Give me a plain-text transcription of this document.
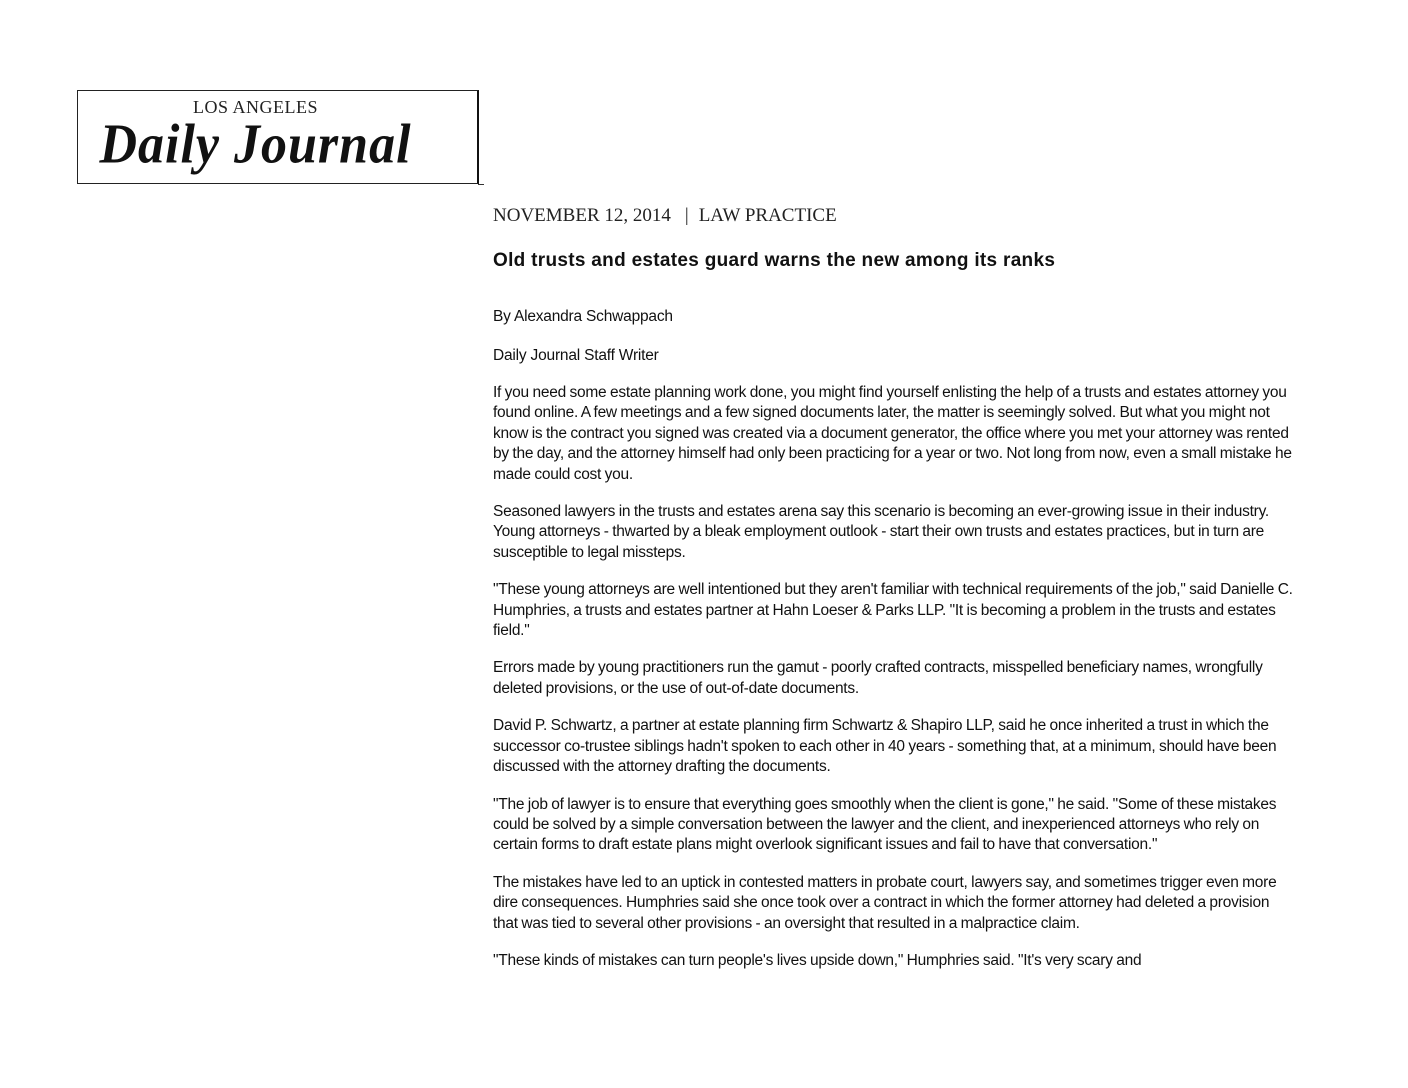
LOS ANGELES
Daily Journal
NOVEMBER 12, 2014 | LAW PRACTICE
Old trusts and estates guard warns the new among its ranks
By Alexandra Schwappach
Daily Journal Staff Writer

If you need some estate planning work done, you might find yourself enlisting the help of a trusts and estates attorney you found online. A few meetings and a few signed documents later, the matter is seemingly solved. But what you might not know is the contract you signed was created via a document generator, the office where you met your attorney was rented by the day, and the attorney himself had only been practicing for a year or two. Not long from now, even a small mistake he made could cost you.

Seasoned lawyers in the trusts and estates arena say this scenario is becoming an ever-growing issue in their industry. Young attorneys - thwarted by a bleak employment outlook - start their own trusts and estates practices, but in turn are susceptible to legal missteps.

"These young attorneys are well intentioned but they aren't familiar with technical requirements of the job," said Danielle C. Humphries, a trusts and estates partner at Hahn Loeser & Parks LLP. "It is becoming a problem in the trusts and estates field."

Errors made by young practitioners run the gamut - poorly crafted contracts, misspelled beneficiary names, wrongfully deleted provisions, or the use of out-of-date documents.

David P. Schwartz, a partner at estate planning firm Schwartz & Shapiro LLP, said he once inherited a trust in which the successor co-trustee siblings hadn't spoken to each other in 40 years - something that, at a minimum, should have been discussed with the attorney drafting the documents.

"The job of lawyer is to ensure that everything goes smoothly when the client is gone," he said. "Some of these mistakes could be solved by a simple conversation between the lawyer and the client, and inexperienced attorneys who rely on certain forms to draft estate plans might overlook significant issues and fail to have that conversation."

The mistakes have led to an uptick in contested matters in probate court, lawyers say, and sometimes trigger even more dire consequences. Humphries said she once took over a contract in which the former attorney had deleted a provision that was tied to several other provisions - an oversight that resulted in a malpractice claim.

"These kinds of mistakes can turn people's lives upside down," Humphries said. "It's very scary and
